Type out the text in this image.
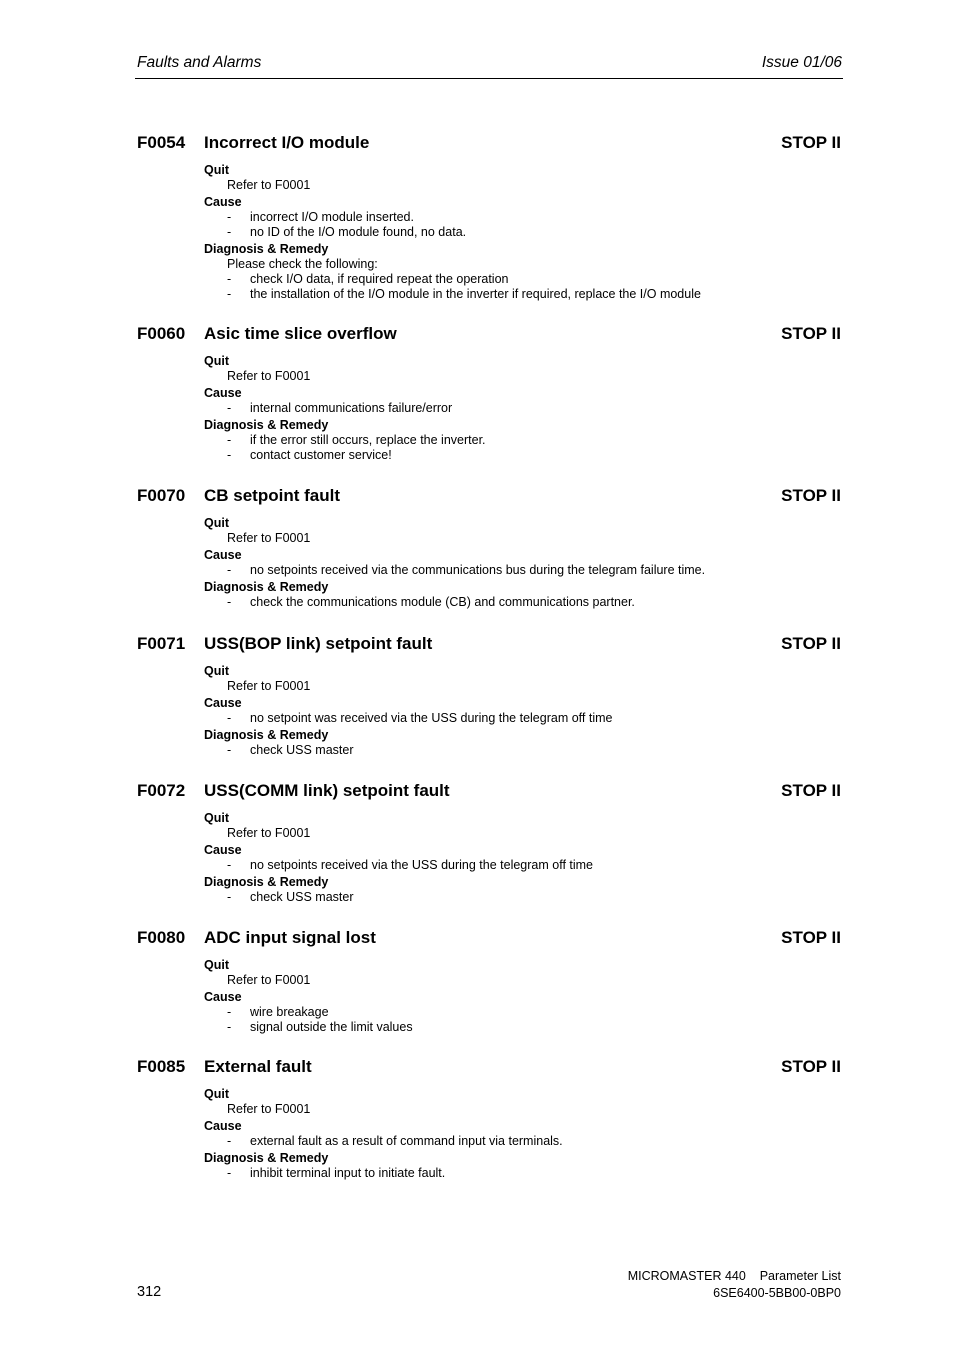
Faults and Alarms	Issue 01/06
F0054 Incorrect I/O module	STOP II
Quit
Refer to F0001
Cause
- incorrect I/O module inserted.
- no ID of the I/O module found, no data.
Diagnosis & Remedy
Please check the following:
- check I/O data, if required repeat the operation
- the installation of the I/O module in the inverter if required, replace the I/O module
F0060 Asic time slice overflow	STOP II
Quit
Refer to F0001
Cause
- internal communications failure/error
Diagnosis & Remedy
- if the error still occurs, replace the inverter.
- contact customer service!
F0070 CB setpoint fault	STOP II
Quit
Refer to F0001
Cause
- no setpoints received via the communications bus during the telegram failure time.
Diagnosis & Remedy
- check the communications module (CB) and communications partner.
F0071 USS(BOP link) setpoint fault	STOP II
Quit
Refer to F0001
Cause
- no setpoint was received via the USS during the telegram off time
Diagnosis & Remedy
- check USS master
F0072 USS(COMM link) setpoint fault	STOP II
Quit
Refer to F0001
Cause
- no setpoints received via the USS during the telegram off time
Diagnosis & Remedy
- check USS master
F0080 ADC input signal lost	STOP II
Quit
Refer to F0001
Cause
- wire breakage
- signal outside the limit values
F0085 External fault	STOP II
Quit
Refer to F0001
Cause
- external fault as a result of command input via terminals.
Diagnosis & Remedy
- inhibit terminal input to initiate fault.
312
MICROMASTER 440    Parameter List
6SE6400-5BB00-0BP0
